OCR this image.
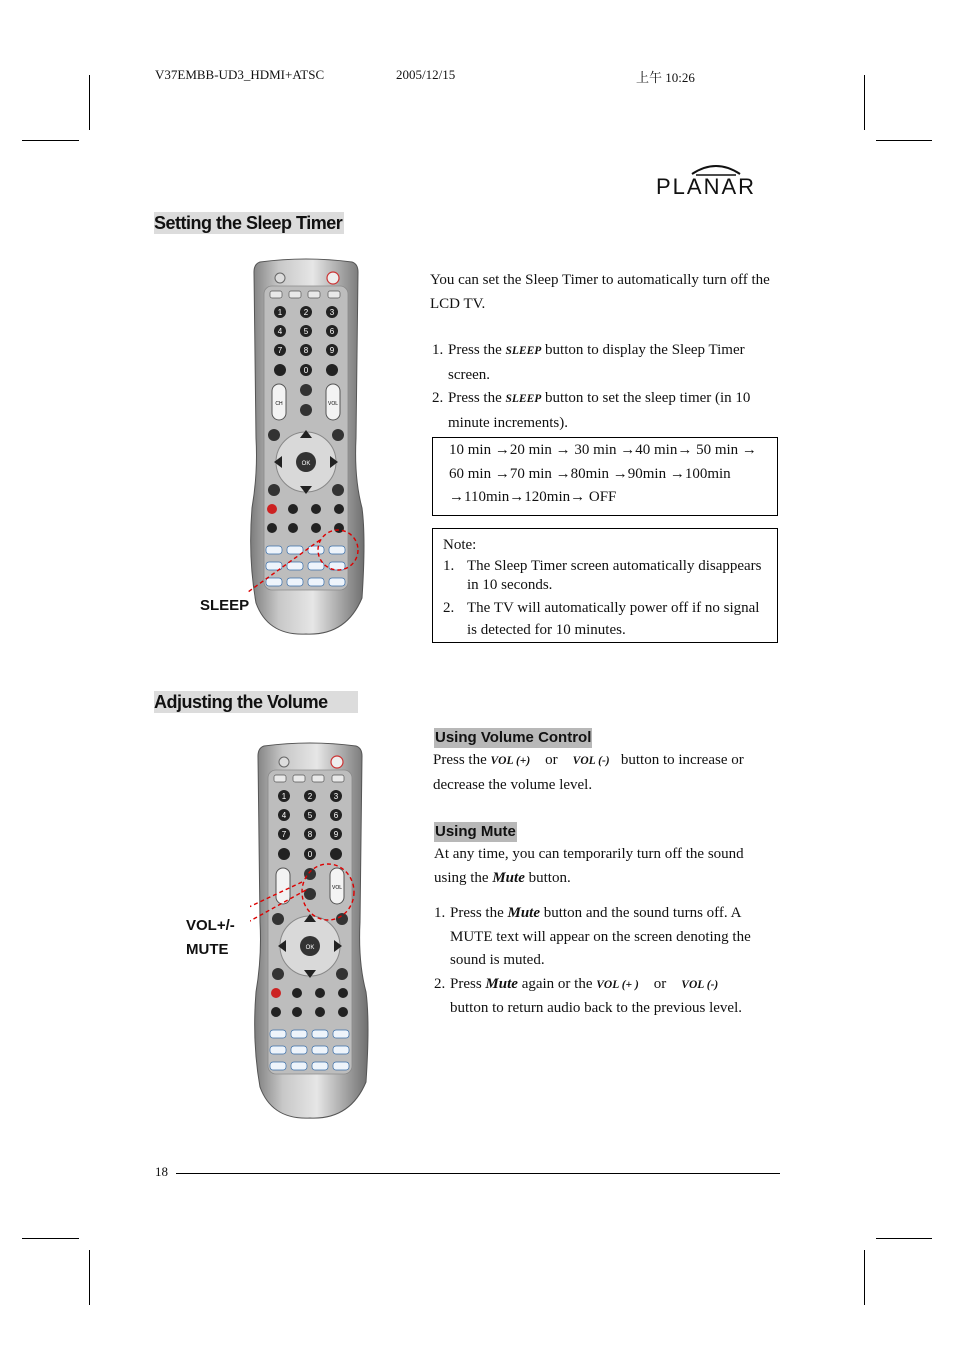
V37EMBB-UD3_HDMI+ATSC	2005/12/15	上午 10:26
PLANAR
Setting the Sleep Timer
1	2	3
4	5	6
7	8	9
0
CH	VOL
OK
SLEEP
You can set the Sleep Timer to automatically turn off the LCD TV.
1. Press the SLEEP button to display the Sleep Timer screen.
2. Press the SLEEP button to set the sleep timer (in 10 minute increments).
10 min →20 min → 30 min →40 min→ 50 min → 60 min →70 min →80min →90min →100min →110min→120min→ OFF
Note:
1. The Sleep Timer screen automatically disappears in 10 seconds.
2. The TV will automatically power off if no signal is detected for 10 minutes.
Adjusting the Volume
1	2	3
4	5	6
7	8	9
0
VOL
OK
VOL+/-
MUTE
Using Volume Control
Press the VOL (+) or VOL (-) button to increase or decrease the volume level.
Using Mute
At any time, you can temporarily turn off the sound using the Mute button.
1. Press the Mute button and the sound turns off. A MUTE text will appear on the screen denoting the sound is muted.
2. Press Mute again or the VOL (+ ) or VOL (-)
button to return audio back to the previous level.
18
